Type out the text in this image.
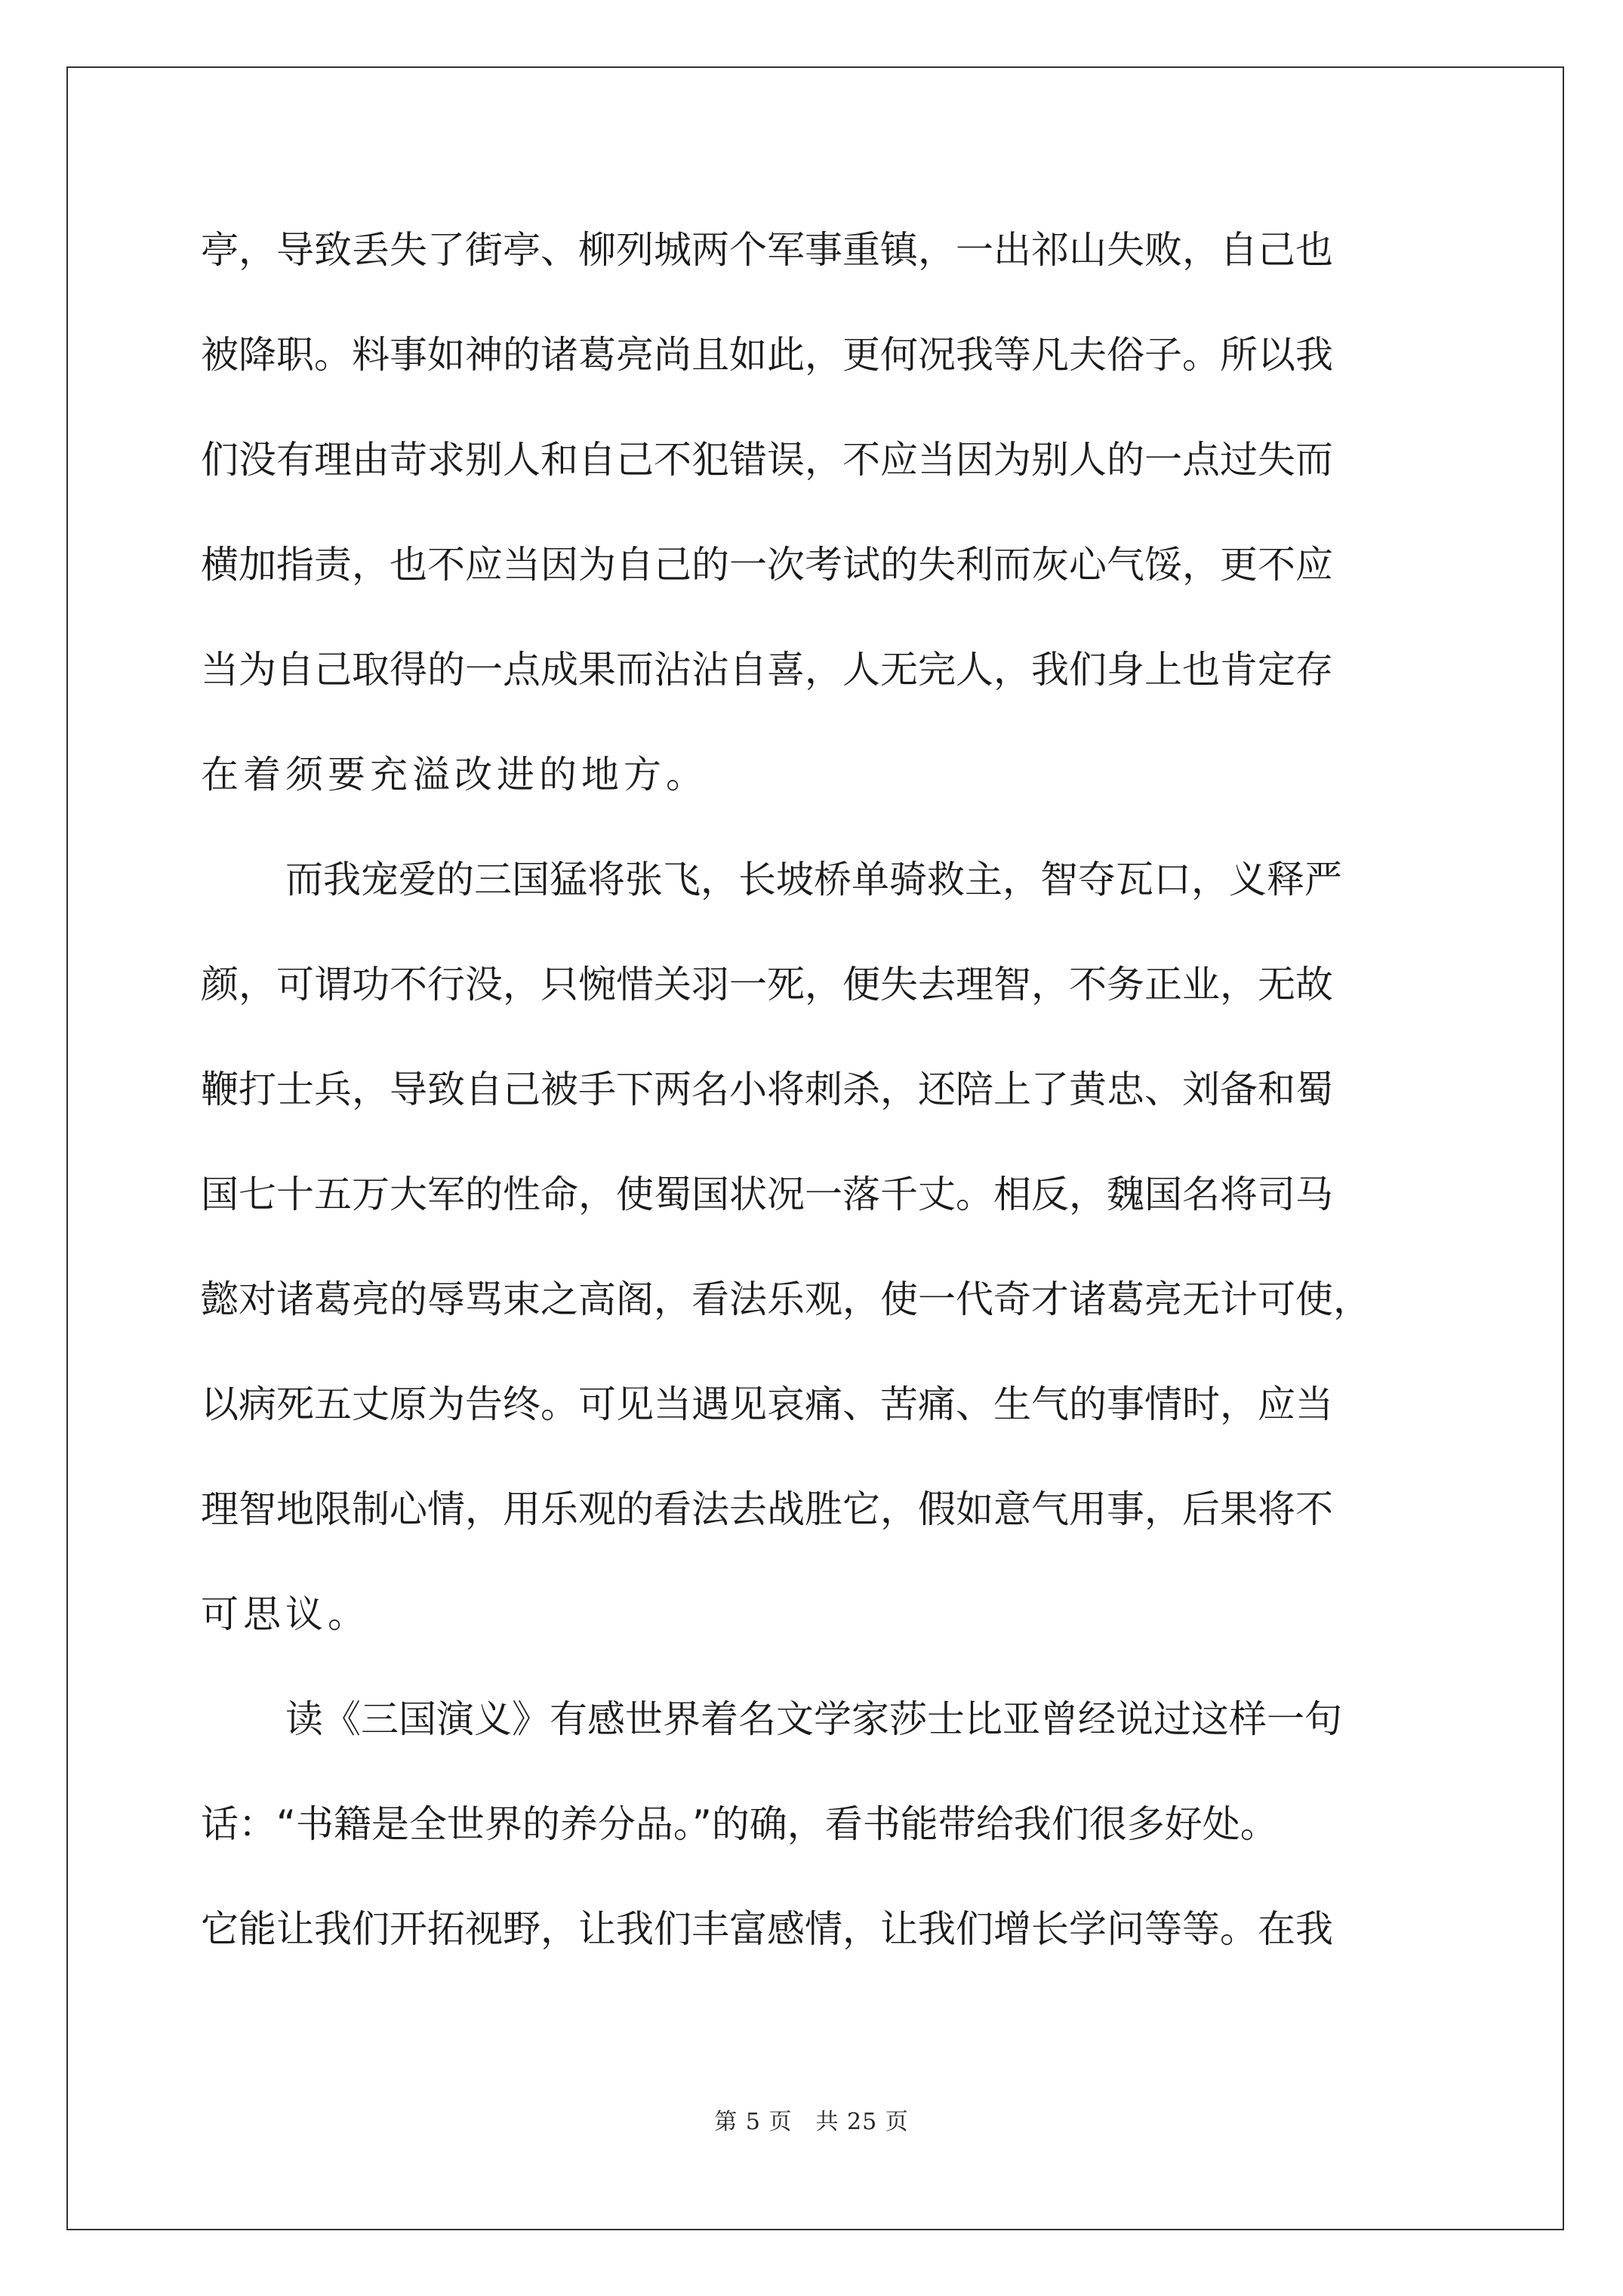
亭，导致丢失了街亭、柳列城两个军事重镇，一出祁山失败，自己也
被降职。料事如神的诸葛亮尚且如此，更何况我等凡夫俗子。所以我
们没有理由苛求别人和自己不犯错误，不应当因为别人的一点过失而
横加指责，也不应当因为自己的一次考试的失利而灰心气馁，更不应
当为自己取得的一点成果而沾沾自喜，人无完人，我们身上也肯定存
在着须要充溢改进的地方。
而我宠爱的三国猛将张飞，长坡桥单骑救主，智夺瓦口，义释严
颜，可谓功不行没，只惋惜关羽一死，便失去理智，不务正业，无故
鞭打士兵，导致自己被手下两名小将刺杀，还陪上了黄忠、刘备和蜀
国七十五万大军的性命，使蜀国状况一落千丈。相反，魏国名将司马
懿对诸葛亮的辱骂束之高阁，看法乐观，使一代奇才诸葛亮无计可使，
以病死五丈原为告终。可见当遇见哀痛、苦痛、生气的事情时，应当
理智地限制心情，用乐观的看法去战胜它，假如意气用事，后果将不
可思议。
读《三国演义》有感世界着名文学家莎士比亚曾经说过这样一句
话：“书籍是全世界的养分品。”的确，看书能带给我们很多好处。
它能让我们开拓视野，让我们丰富感情，让我们增长学问等等。在我
第 5 页　共 25 页
